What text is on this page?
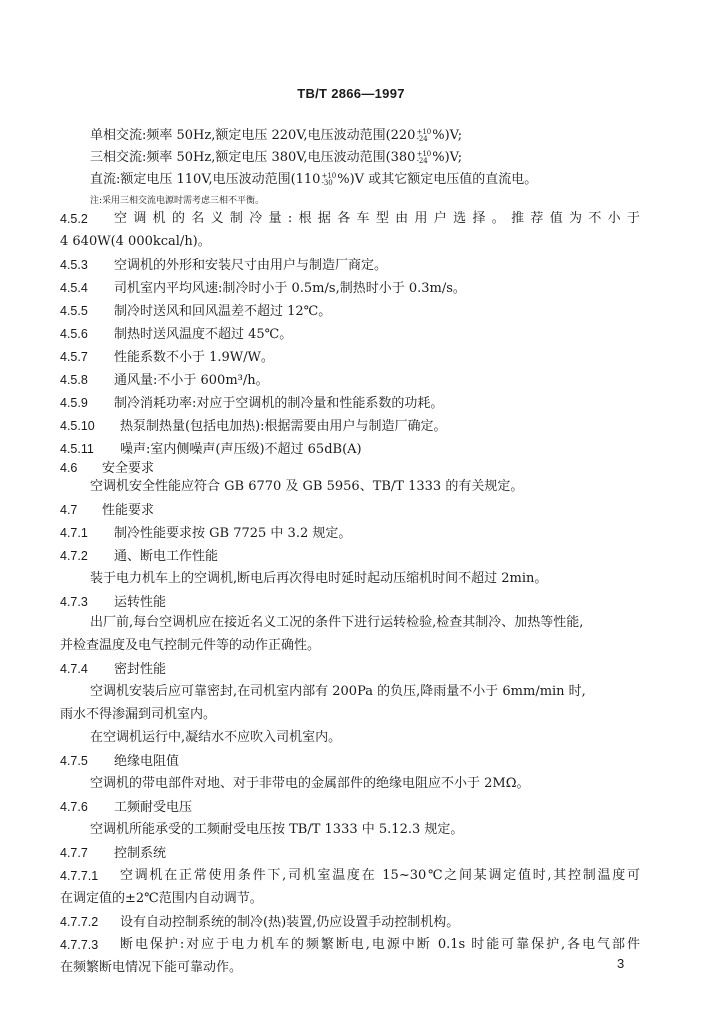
TB/T 2866—1997
单相交流:频率 50Hz,额定电压 220V,电压波动范围(220 +10
-24 %)V;
三相交流:频率 50Hz,额定电压 380V,电压波动范围(380 +10
-24 %)V;
直流:额定电压 110V,电压波动范围(110 +10
-30 %)V 或其它额定电压值的直流电。
注:采用三相交流电源时需考虑三相不平衡。
4.5.2	空调机的名义制冷量:根据各车型由用户选择。推荐值为不小于
4 640W(4 000kcal/h)。
4.5.3 空调机的外形和安装尺寸由用户与制造厂商定。
4.5.4 司机室内平均风速:制冷时小于 0.5m/s,制热时小于 0.3m/s。
4.5.5 制冷时送风和回风温差不超过 12℃。
4.5.6 制热时送风温度不超过 45℃。
4.5.7 性能系数不小于 1.9W/W。
4.5.8 通风量:不小于 600m³/h。
4.5.9 制冷消耗功率:对应于空调机的制冷量和性能系数的功耗。
4.5.10 热泵制热量(包括电加热):根据需要由用户与制造厂确定。
4.5.11 噪声:室内侧噪声(声压级)不超过 65dB(A)
4.6 安全要求
空调机安全性能应符合 GB 6770 及 GB 5956、TB/T 1333 的有关规定。
4.7 性能要求
4.7.1 制冷性能要求按 GB 7725 中 3.2 规定。
4.7.2 通、断电工作性能
装于电力机车上的空调机,断电后再次得电时延时起动压缩机时间不超过 2min。
4.7.3 运转性能
出厂前,每台空调机应在接近名义工况的条件下进行运转检验,检查其制冷、加热等性能,
并检查温度及电气控制元件等的动作正确性。
4.7.4 密封性能
空调机安装后应可靠密封,在司机室内部有 200Pa 的负压,降雨量不小于 6mm/min 时,
雨水不得渗漏到司机室内。
在空调机运行中,凝结水不应吹入司机室内。
4.7.5 绝缘电阻值
空调机的带电部件对地、对于非带电的金属部件的绝缘电阻应不小于 2MΩ。
4.7.6 工频耐受电压
空调机所能承受的工频耐受电压按 TB/T 1333 中 5.12.3 规定。
4.7.7 控制系统
4.7.7.1	空调机在正常使用条件下,司机室温度在 15~30℃之间某调定值时,其控制温度可
在调定值的±2℃范围内自动调节。
4.7.7.2 设有自动控制系统的制冷(热)装置,仍应设置手动控制机构。
4.7.7.3	断电保护:对应于电力机车的频繁断电,电源中断 0.1s 时能可靠保护,各电气部件
在频繁断电情况下能可靠动作。	3
